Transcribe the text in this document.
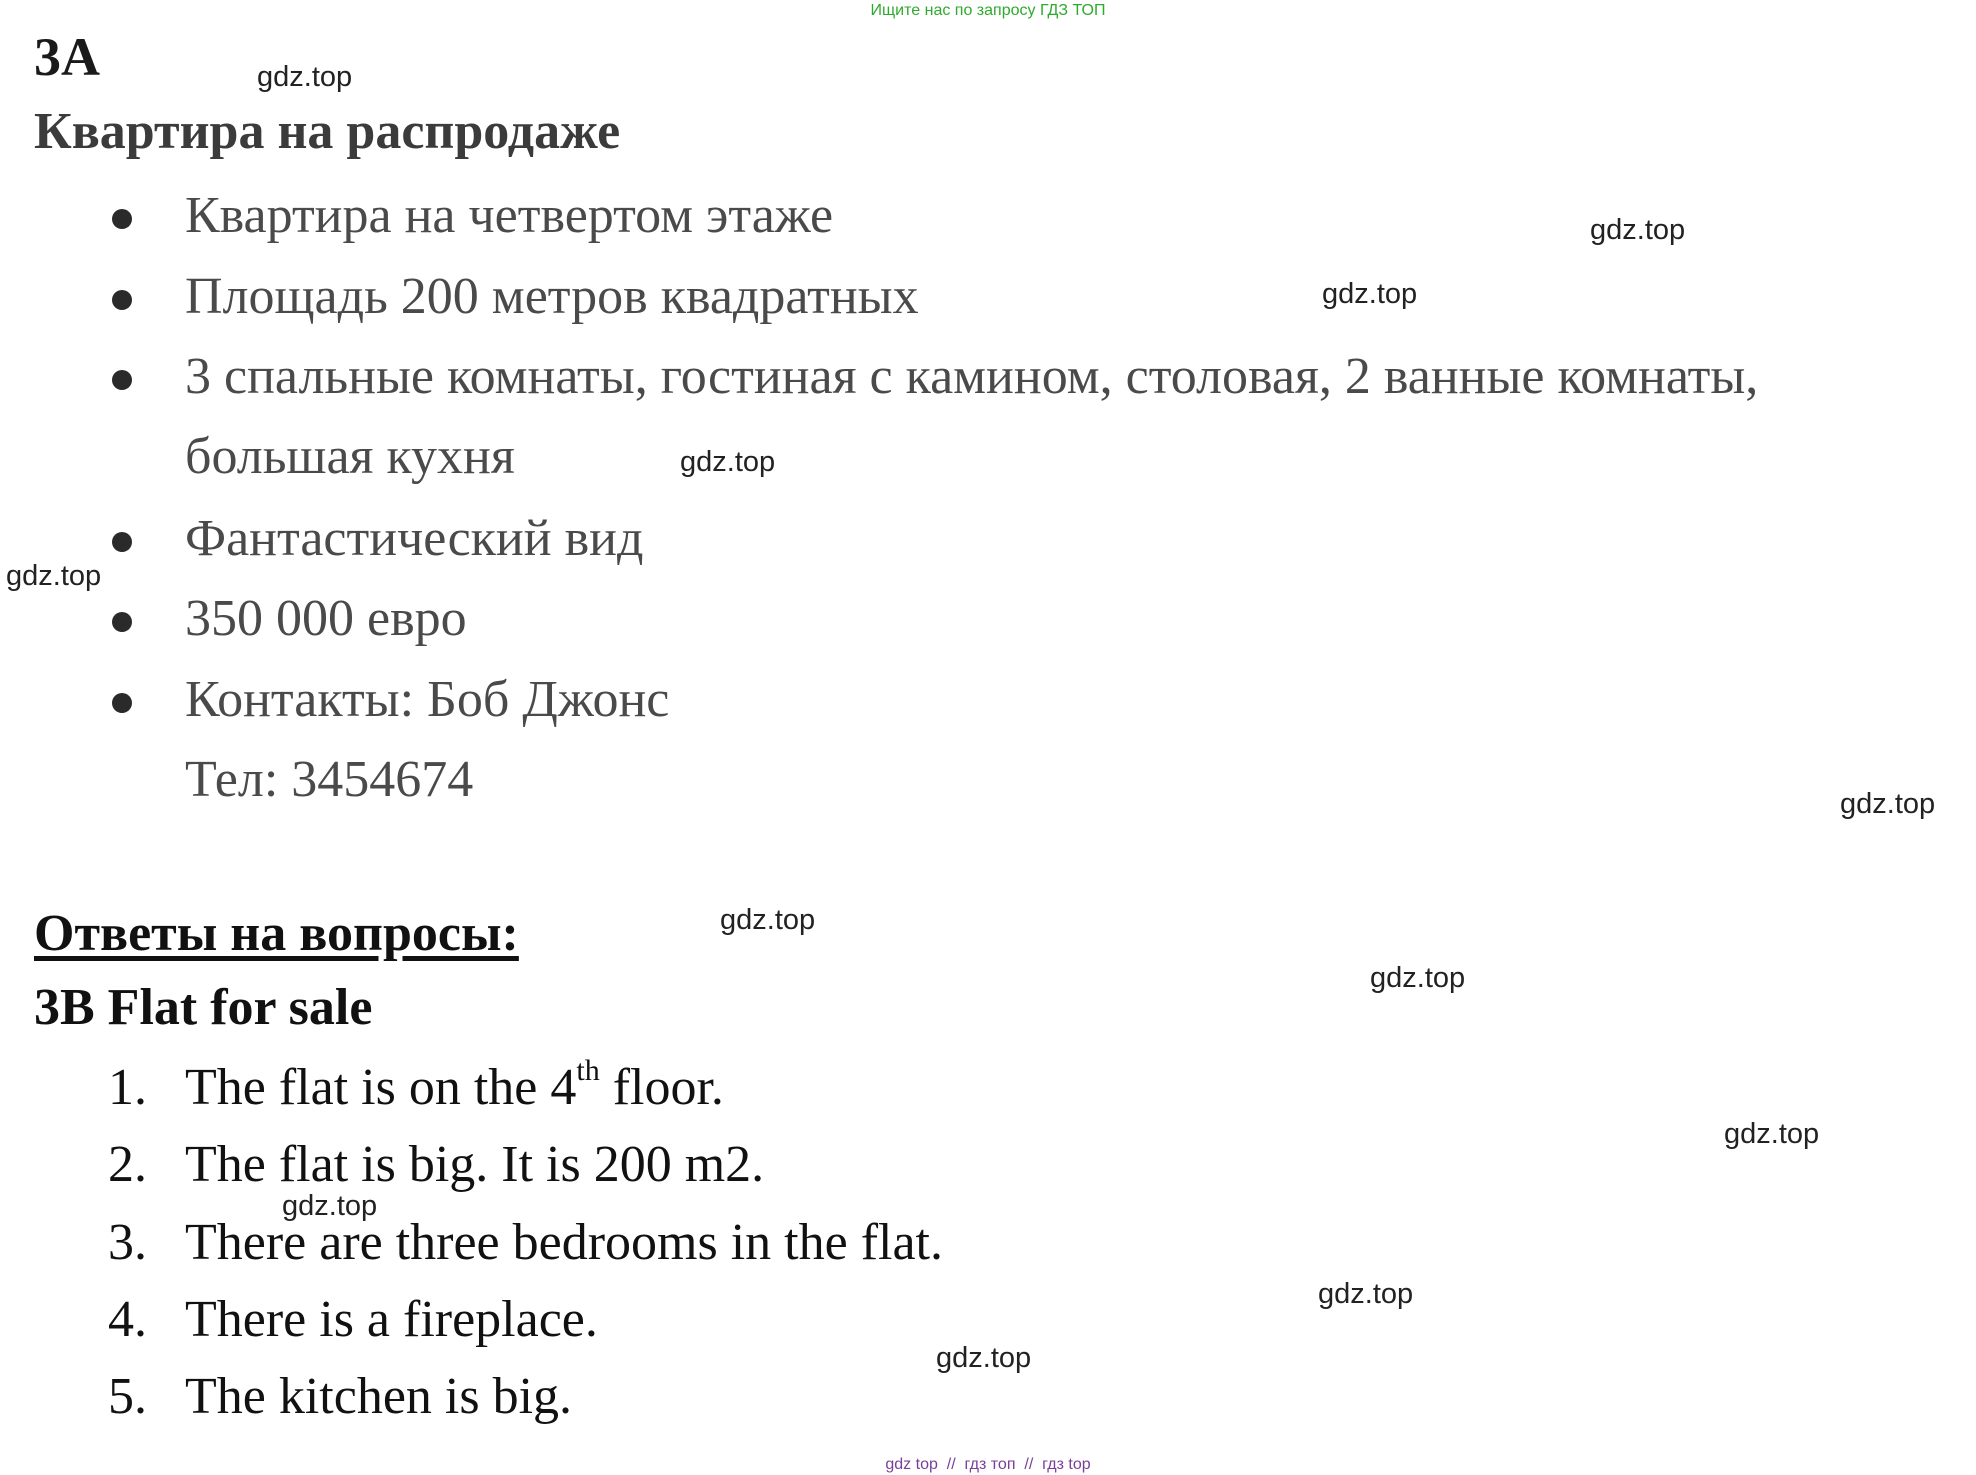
Ищите нас по запросу ГДЗ ТОП
3A
Квартира на распродаже
Квартира на четвертом этаже
Площадь 200 метров квадратных
3 спальные комнаты, гостиная с камином, столовая, 2 ванные комнаты,
большая кухня
Фантастический вид
350 000 евро
Контакты: Боб Джонс
Тел: 3454674
Ответы на вопросы:
3B Flat for sale
1. The flat is on the 4th floor.
2. The flat is big. It is 200 m2.
3. There are three bedrooms in the flat.
4. There is a fireplace.
5. The kitchen is big.
gdz.top
gdz.top
gdz.top
gdz.top
gdz.top
gdz.top
gdz.top
gdz.top
gdz.top
gdz.top
gdz.top
gdz.top
gdz top  //  гдз топ  //  гдз top
